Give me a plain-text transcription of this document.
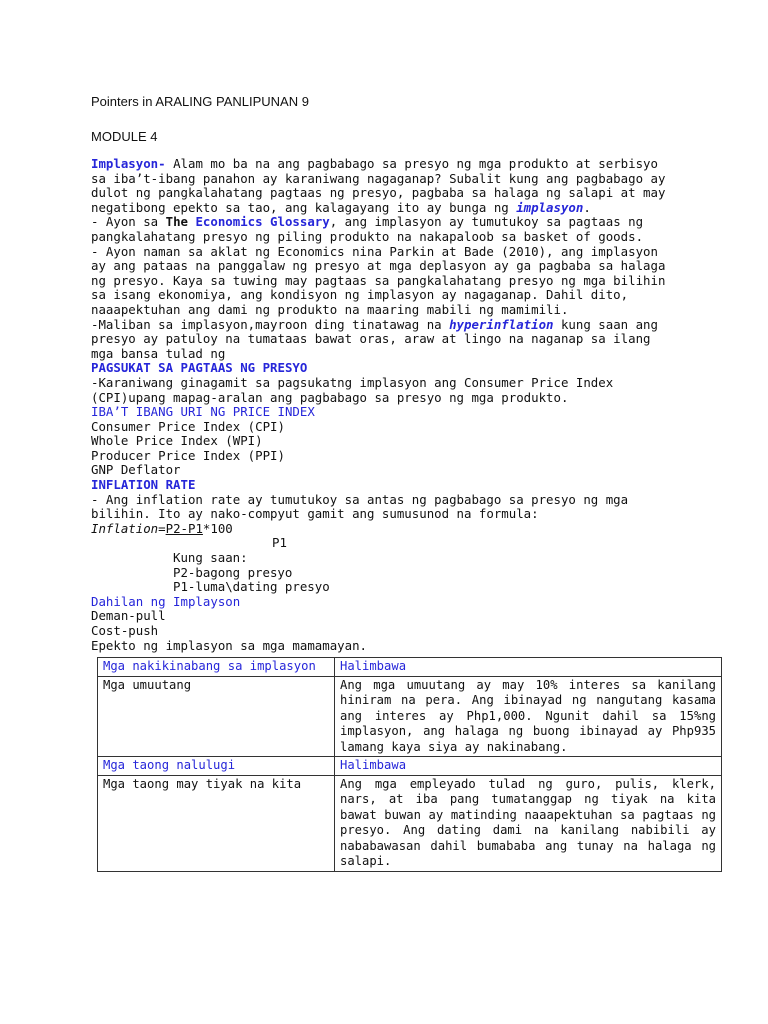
Pointers in ARALING PANLIPUNAN 9
MODULE 4
Implasyon- Alam mo ba na ang pagbabago sa presyo ng mga produkto at serbisyo
sa iba’t-ibang panahon ay karaniwang nagaganap? Subalit kung ang pagbabago ay
dulot ng pangkalahatang pagtaas ng presyo, pagbaba sa halaga ng salapi at may
negatibong epekto sa tao, ang kalagayang ito ay bunga ng implasyon.
- Ayon sa The Economics Glossary, ang implasyon ay tumutukoy sa pagtaas ng
pangkalahatang presyo ng piling produkto na nakapaloob sa basket of goods.
- Ayon naman sa aklat ng Economics nina Parkin at Bade (2010), ang implasyon
ay ang pataas na panggalaw ng presyo at mga deplasyon ay ga pagbaba sa halaga
ng presyo. Kaya sa tuwing may pagtaas sa pangkalahatang presyo ng mga bilihin
sa isang ekonomiya, ang kondisyon ng implasyon ay nagaganap. Dahil dito,
naaapektuhan ang dami ng produkto na maaring mabili ng mamimili.
-Maliban sa implasyon,mayroon ding tinatawag na hyperinflation kung saan ang
presyo ay patuloy na tumataas bawat oras, araw at lingo na naganap sa ilang
mga bansa tulad ng
PAGSUKAT SA PAGTAAS NG PRESYO
-Karaniwang ginagamit sa pagsukatng implasyon ang Consumer Price Index
(CPI)upang mapag-aralan ang pagbabago sa presyo ng mga produkto.
IBA’T IBANG URI NG PRICE INDEX
Consumer Price Index (CPI)
Whole Price Index (WPI)
Producer Price Index (PPI)
GNP Deflator
INFLATION RATE
- Ang inflation rate ay tumutukoy sa antas ng pagbabago sa presyo ng mga
bilihin. Ito ay nako-compyut gamit ang sumusunod na formula:
Inflation=P2-P1*100
P1
Kung saan:
P2-bagong presyo
P1-luma\dating presyo
Dahilan ng Implayson
Deman-pull
Cost-push
Epekto ng implasyon sa mga mamamayan.
Mga nakikinabang sa implasyon	Halimbawa
Mga umuutang	Ang mga umuutang ay may 10% interes sa kanilang hiniram na pera. Ang ibinayad ng nangutang kasama ang interes ay Php1,000. Ngunit dahil sa 15%ng implasyon, ang halaga ng buong ibinayad ay Php935 lamang kaya siya ay nakinabang.
Mga taong nalulugi	Halimbawa
Mga taong may tiyak na kita	Ang mga empleyado tulad ng guro, pulis, klerk, nars, at iba pang tumatanggap ng tiyak na kita bawat buwan ay matinding naaapektuhan sa pagtaas ng presyo. Ang dating dami na kanilang nabibili ay nababawasan dahil bumababa ang tunay na halaga ng salapi.
